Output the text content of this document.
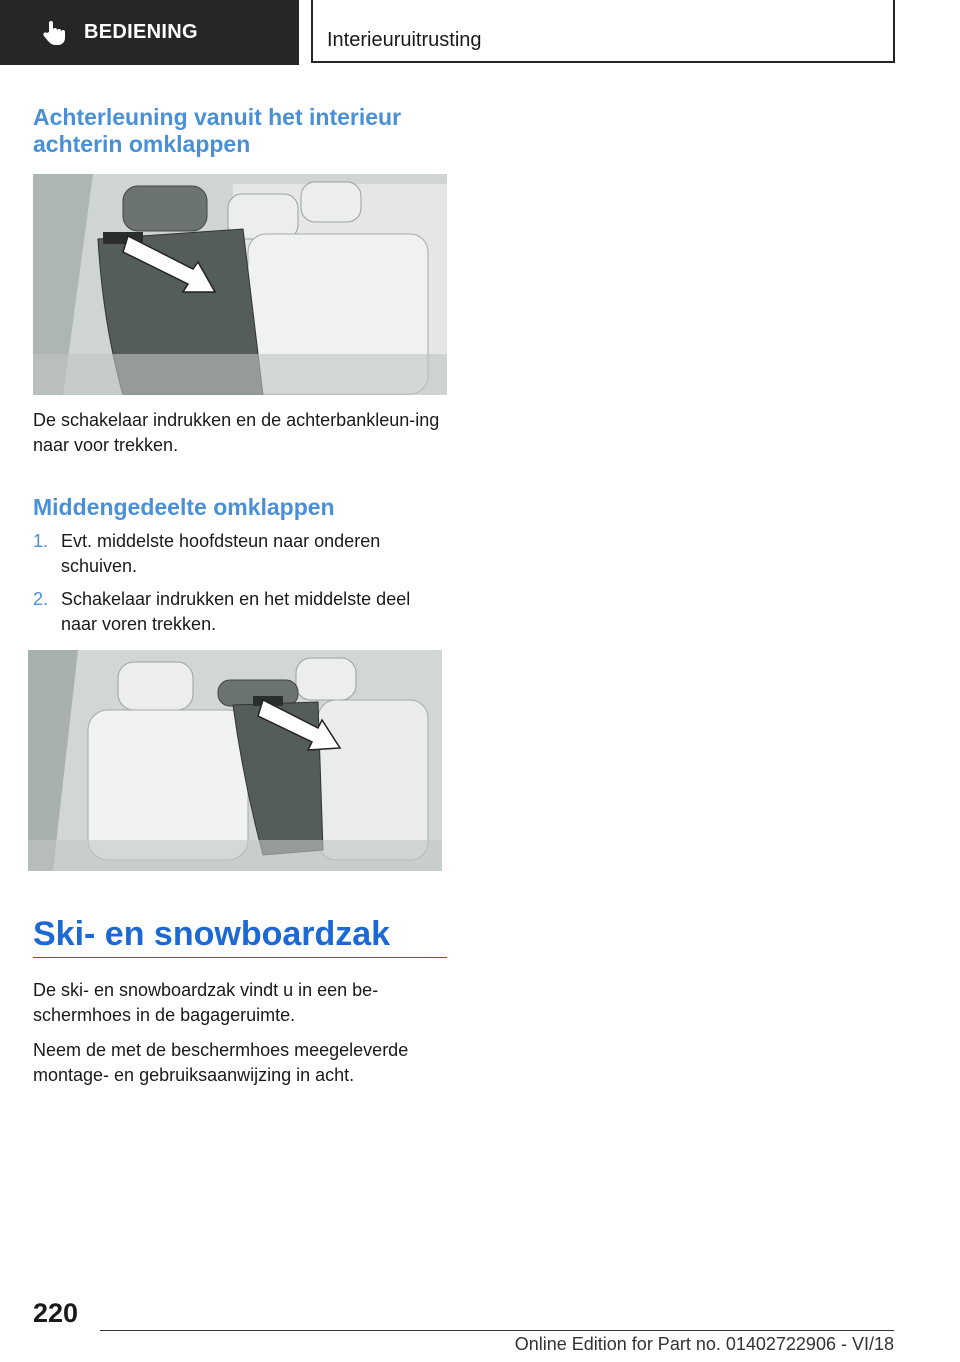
BEDIENING	Interieuruitrusting
Achterleuning vanuit het interieur achterin omklappen

De schakelaar indrukken en de achterbankleun-ing naar voor trekken.

Middengedeelte omklappen
1. Evt. middelste hoofdsteun naar onderen schuiven.
2. Schakelaar indrukken en het middelste deel naar voren trekken.
Ski- en snowboardzak

De ski- en snowboardzak vindt u in een be-schermhoes in de bagageruimte.

Neem de met de beschermhoes meegeleverde montage- en gebruiksaanwijzing in acht.

220
Online Edition for Part no. 01402722906 - VI/18
